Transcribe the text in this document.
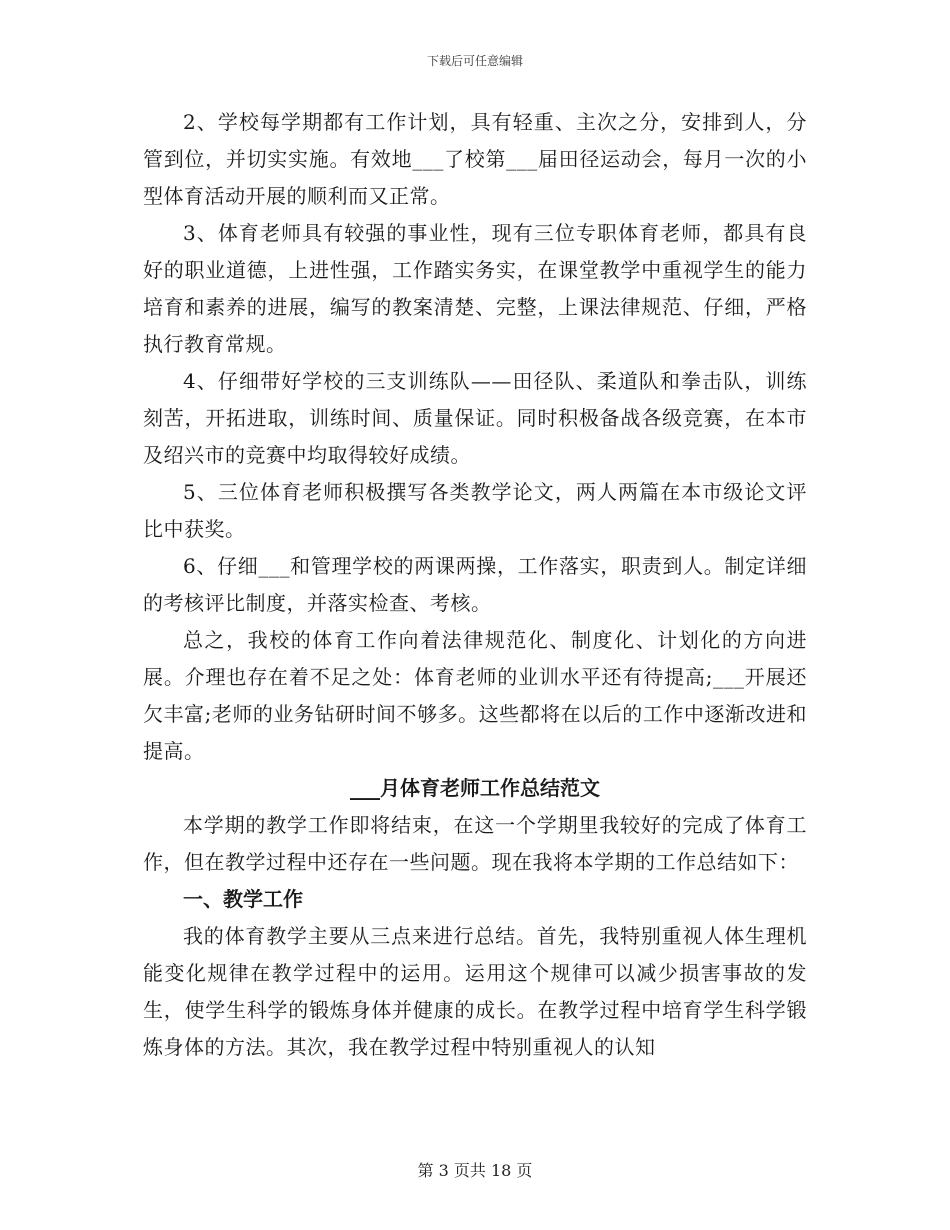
下载后可任意编辑

2、学校每学期都有工作计划，具有轻重、主次之分，安排到人，分管到位，并切实实施。有效地___了校第___届田径运动会，每月一次的小型体育活动开展的顺利而又正常。

3、体育老师具有较强的事业性，现有三位专职体育老师，都具有良好的职业道德，上进性强，工作踏实务实，在课堂教学中重视学生的能力培育和素养的进展，编写的教案清楚、完整，上课法律规范、仔细，严格执行教育常规。

4、仔细带好学校的三支训练队——田径队、柔道队和拳击队，训练刻苦，开拓进取，训练时间、质量保证。同时积极备战各级竞赛，在本市及绍兴市的竞赛中均取得较好成绩。

5、三位体育老师积极撰写各类教学论文，两人两篇在本市级论文评比中获奖。

6、仔细___和管理学校的两课两操，工作落实，职责到人。制定详细的考核评比制度，并落实检查、考核。

总之，我校的体育工作向着法律规范化、制度化、计划化的方向进展。介理也存在着不足之处：体育老师的业训水平还有待提高;___开展还欠丰富;老师的业务钻研时间不够多。这些都将在以后的工作中逐渐改进和提高。

___月体育老师工作总结范文

本学期的教学工作即将结束，在这一个学期里我较好的完成了体育工作，但在教学过程中还存在一些问题。现在我将本学期的工作总结如下：

一、教学工作

我的体育教学主要从三点来进行总结。首先，我特别重视人体生理机能变化规律在教学过程中的运用。运用这个规律可以减少损害事故的发生，使学生科学的锻炼身体并健康的成长。在教学过程中培育学生科学锻炼身体的方法。其次，我在教学过程中特别重视人的认知

第 3 页共 18 页
